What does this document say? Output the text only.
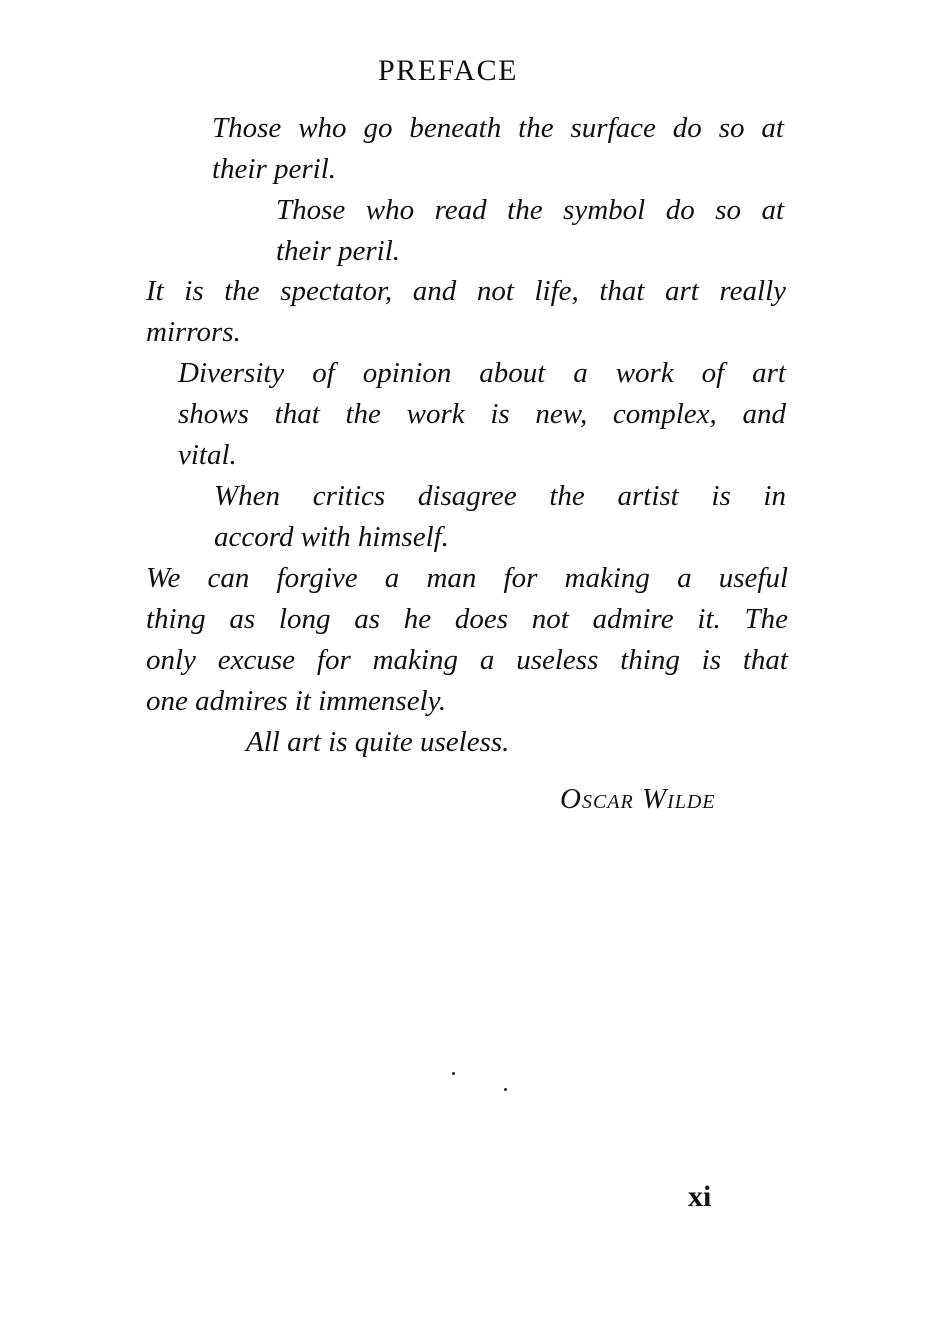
PREFACE
Those who go beneath the surface do so at
their peril.
Those who read the symbol do so at
their peril.
It is the spectator, and not life, that art really
mirrors.
Diversity of opinion about a work of art
shows that the work is new, complex, and
vital.
When critics disagree the artist is in
accord with himself.
We can forgive a man for making a useful
thing as long as he does not admire it. The
only excuse for making a useless thing is that
one admires it immensely.
All art is quite useless.
Oscar Wilde
xi
